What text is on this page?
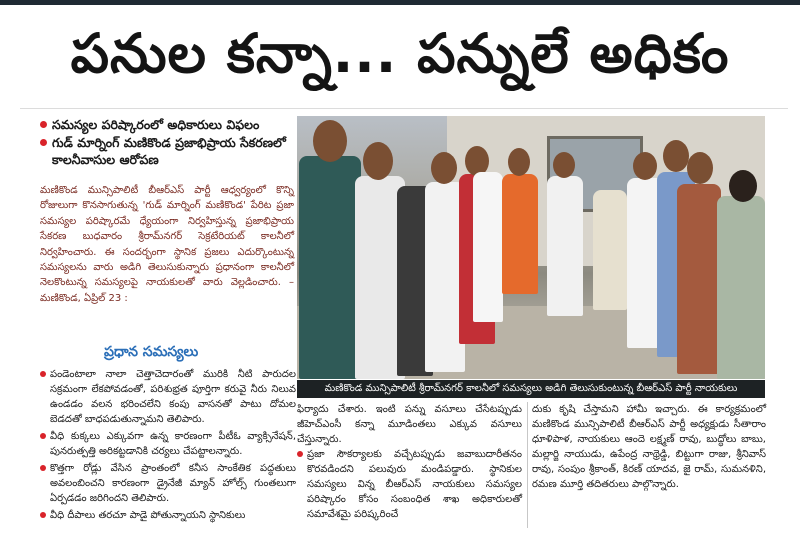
పనుల కన్నా... పన్నులే అధికం
సమస్యల పరిష్కారంలో అధికారులు విఫలం
గుడ్ మార్నింగ్ మణికొండ ప్రజాభిప్రాయ సేకరణలో కాలనీవాసుల ఆరోపణ
మణికొండ మున్సిపాలిటీ బీఆర్ఎస్ పార్టీ ఆధ్వర్యంలో కొన్ని రోజులుగా కొనసాగుతున్న 'గుడ్ మార్నింగ్ మణికొండ' పేరిట ప్రజా సమస్యల పరిష్కారమే ధ్యేయంగా నిర్వహిస్తున్న ప్రజాభిప్రాయ సేకరణ బుధవారం శ్రీరామ్‌నగర్ సెక్రటేరియట్ కాలనీలో నిర్వహించారు. ఈ సందర్భంగా స్థానిక ప్రజలు ఎదుర్కొంటున్న సమస్యలను వారు అడిగి తెలుసుకున్నారు ప్రధానంగా కాలనీలో నెలకొంటున్న సమస్యలపై నాయకులతో వారు వెల్లడించారు. – మణికొండ, ఏప్రిల్ 23 :
ప్రధాన సమస్యలు
పండెంటాలా నాలా చెత్తాచెదారంతో మురికి నీటి పారుదల సక్రమంగా లేకపోవడంతో, పరిశుభ్రత పూర్తిగా కరువై నీరు నిలువ ఉండడం వలన భరించలేని కంపు వాసనతో పాటు దోమల బెడదతో బాధపడుతున్నామని తెలిపారు.
వీధి కుక్కలు ఎక్కువగా ఉన్న కారణంగా పీటీఓ వ్యాక్సినేషన్, పునరుత్పత్తి అరికట్టడానికి చర్యలు చేపట్టాలన్నారు.
కొత్తగా రోడ్లు వేసిన ప్రాంతంలో కనీస సాంకేతిక పద్ధతులు అవలంబించని కారణంగా డ్రైనేజీ మ్యాన్ హోల్స్ గుంతలుగా ఏర్పడడం జరిగిందని తెలిపారు.
వీధి దీపాలు తరచూ పాడై పోతున్నాయని స్థానికులు
మణికొండ మున్సిపాలిటీ శ్రీరామ్‌నగర్ కాలనీలో సమస్యలు అడిగి తెలుసుకుంటున్న బీఆర్ఎస్ పార్టీ నాయకులు
ఫిర్యాదు చేశారు. ఇంటి పన్ను వసూలు చేసేటప్పుడు జీహెచ్ఎంసీ కన్నా మూడింతలు ఎక్కువ వసూలు చేస్తున్నారు.
ప్రజా సౌకర్యాలకు వచ్చేటప్పుడు జవాబుదారీతనం కొరవడిందని పలువురు మండిపడ్డారు. స్థానికుల సమస్యలు విన్న బీఆర్ఎస్ నాయకులు సమస్యల పరిష్కారం కోసం సంబంధిత శాఖ అధికారులతో సమావేశమై పరిష్కరించే
దుకు కృషి చేస్తామని హామీ ఇచ్చారు. ఈ కార్యక్రమంలో మణికొండ మున్సిపాలిటీ బీఆర్ఎస్ పార్టీ అధ్యక్షుడు సీతారాం ధూళిపాళ, నాయకులు ఆందె లక్ష్మణ్ రావు, బుద్ధోలు బాబు, మల్లార్జి నాయుడు, ఉపేంద్ర నాథ్రెడ్డి, బిట్టుగా రాజు, శ్రీనివాస్ రావు, సంపుం శ్రీకాంత్, కిరణ్ యాదవ, జై రామ్, సుమనళిని, రమణ మూర్తి తదితరులు పాల్గొన్నారు.
